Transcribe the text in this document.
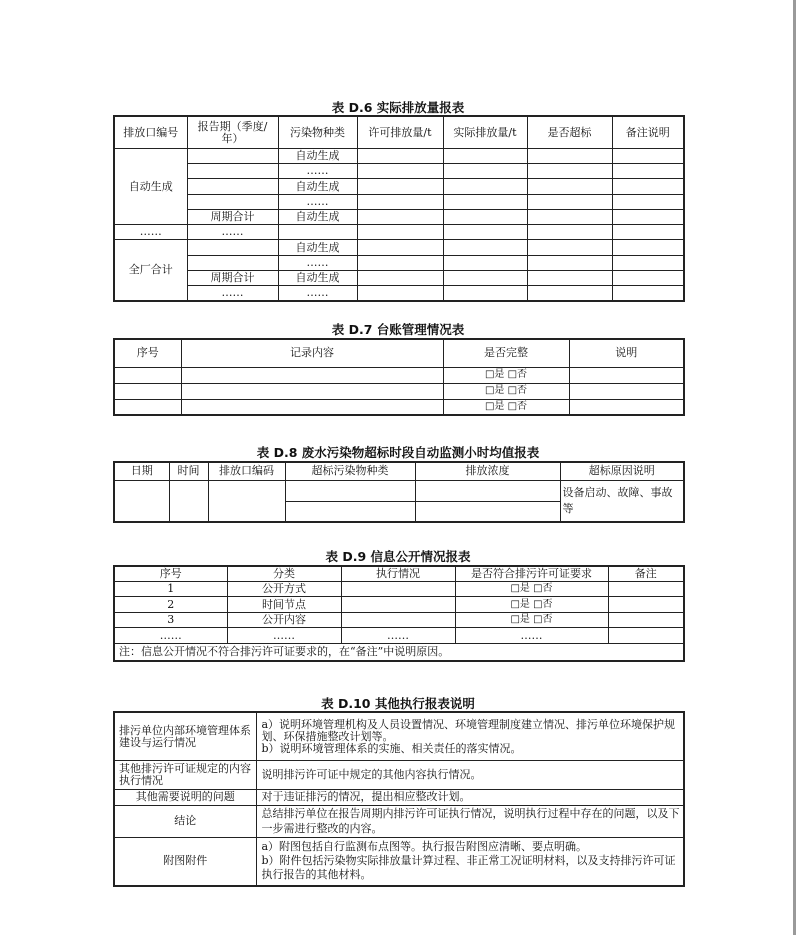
表 D.6 实际排放量报表
排放口编号	报告期（季度/年）	污染物种类	许可排放量/t	实际排放量/t	是否超标	备注说明
自动生成		自动生成				
		……				
		自动生成				
		……				
	周期合计	自动生成				
……	……					
全厂合计		自动生成				
		……				
	周期合计	自动生成				
	……	……				
表 D.7 台账管理情况表
序号	记录内容	是否完整	说明
		□是 □否	
		□是 □否	
		□是 □否	
表 D.8 废水污染物超标时段自动监测小时均值报表
日期	时间	排放口编码	超标污染物种类	排放浓度	超标原因说明
					设备启动、故障、事故等

表 D.9 信息公开情况报表
序号	分类	执行情况	是否符合排污许可证要求	备注
1	公开方式		□是 □否	
2	时间节点		□是 □否	
3	公开内容		□是 □否	
……	……	……	……	
注：信息公开情况不符合排污许可证要求的，在“备注”中说明原因。				
表 D.10 其他执行报表说明
排污单位内部环境管理体系建设与运行情况	a）说明环境管理机构及人员设置情况、环境管理制度建立情况、排污单位环境保护规划、环保措施整改计划等。
b）说明环境管理体系的实施、相关责任的落实情况。

其他排污许可证规定的内容执行情况	说明排污许可证中规定的其他内容执行情况。
其他需要说明的问题	对于违证排污的情况，提出相应整改计划。
结论	总结排污单位在报告周期内排污许可证执行情况，说明执行过程中存在的问题，以及下一步需进行整改的内容。
附图附件	a）附图包括自行监测布点图等。执行报告附图应清晰、要点明确。
b）附件包括污染物实际排放量计算过程、非正常工况证明材料，以及支持排污许可证执行报告的其他材料。
